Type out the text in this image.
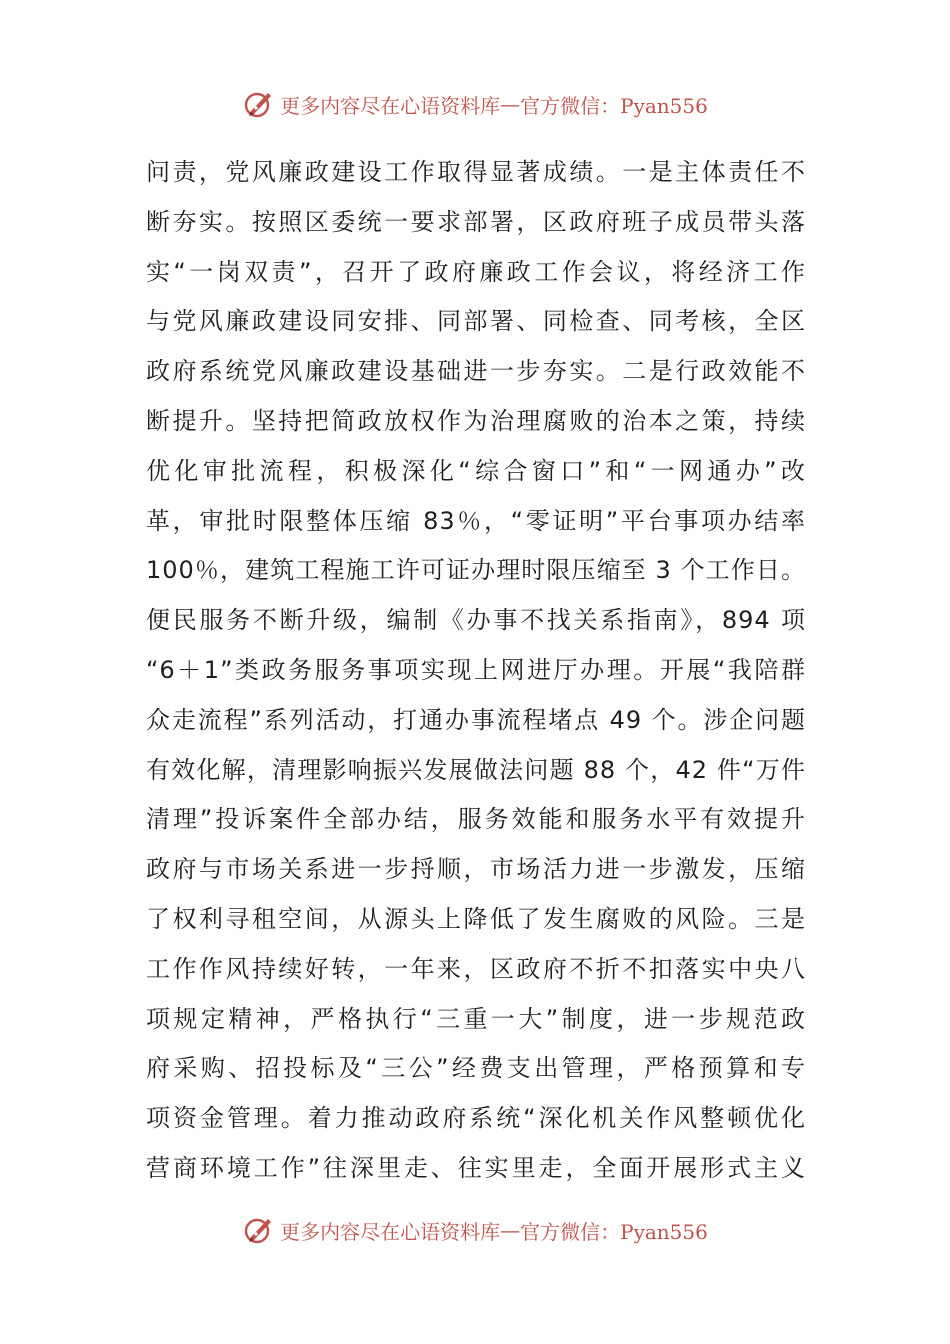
更多内容尽在心语资料库 — 官方微信：Pyan556
问责，党风廉政建设工作取得显著成绩。一是主体责任不
断夯实。按照区委统一要求部署，区政府班子成员带头落
实“一岗双责”，召开了政府廉政工作会议，将经济工作
与党风廉政建设同安排、同部署、同检查、同考核，全区
政府系统党风廉政建设基础进一步夯实。二是行政效能不
断提升。坚持把简政放权作为治理腐败的治本之策，持续
优化审批流程，积极深化“综合窗口”和“一网通办”改
革，审批时限整体压缩 83％，“零证明”平台事项办结率
100％，建筑工程施工许可证办理时限压缩至 3 个工作日。
便民服务不断升级，编制《办事不找关系指南》，894 项
“6＋1”类政务服务事项实现上网进厅办理。开展“我陪群
众走流程”系列活动，打通办事流程堵点 49 个。涉企问题
有效化解，清理影响振兴发展做法问题 88 个，42 件“万件
清理”投诉案件全部办结，服务效能和服务水平有效提升
政府与市场关系进一步捋顺，市场活力进一步激发，压缩
了权利寻租空间，从源头上降低了发生腐败的风险。三是
工作作风持续好转，一年来，区政府不折不扣落实中央八
项规定精神，严格执行“三重一大”制度，进一步规范政
府采购、招投标及“三公”经费支出管理，严格预算和专
项资金管理。着力推动政府系统“深化机关作风整顿优化
营商环境工作”往深里走、往实里走，全面开展形式主义
更多内容尽在心语资料库 — 官方微信：Pyan556
